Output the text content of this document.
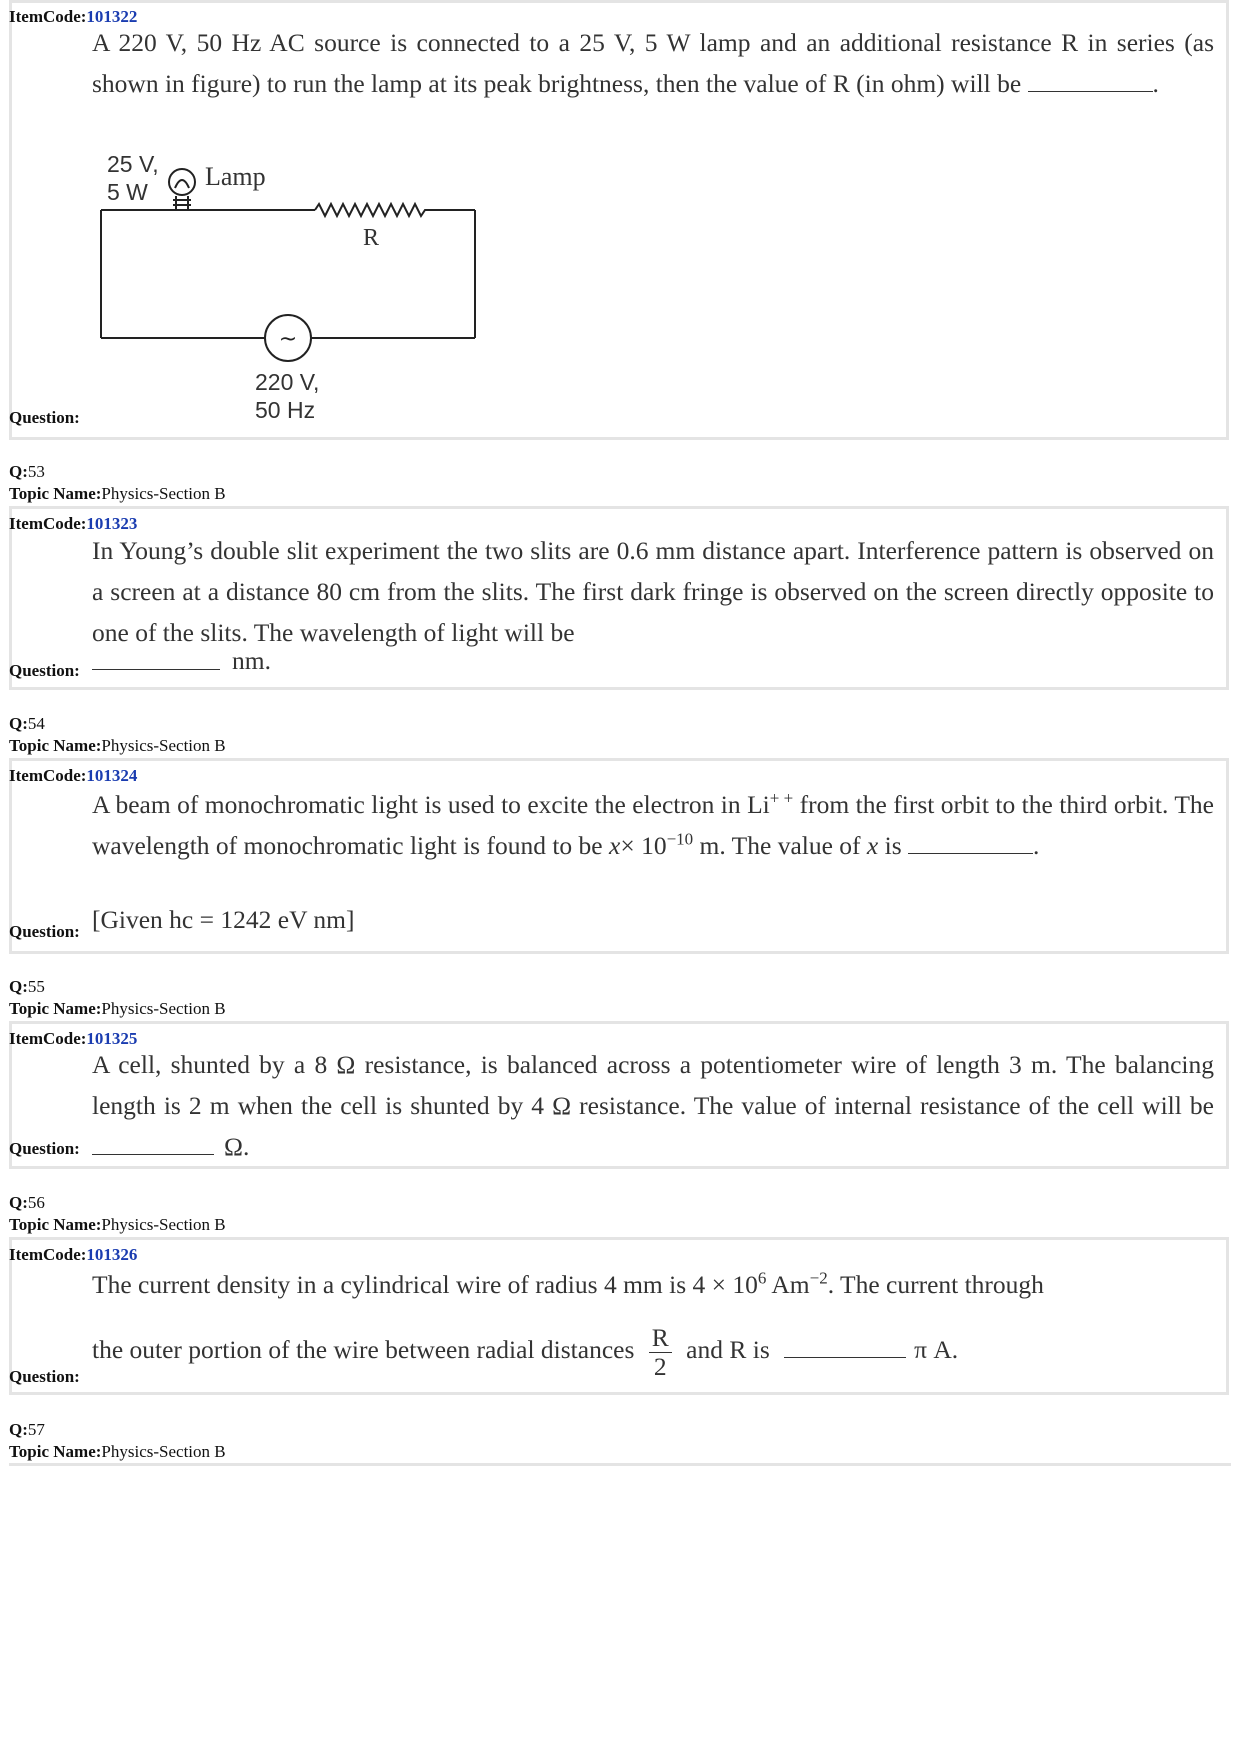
ItemCode:101322
A 220 V, 50 Hz AC source is connected to a 25 V, 5 W lamp and an additional resistance R in series (as shown in figure) to run the lamp at its peak brightness, then the value of R (in ohm) will be	.
~
25 V,
5 W
Lamp
R
220 V,
50 Hz
Question:
Q:53
Topic Name:Physics-Section B
ItemCode:101323
In Young’s double slit experiment the two slits are 0.6 mm distance apart. Interference pattern is observed on a screen at a distance 80 cm from the slits. The first dark fringe is observed on the screen directly opposite to one of the slits. The wavelength of light will be
Question:	nm.
Q:54
Topic Name:Physics-Section B
ItemCode:101324
A beam of monochromatic light is used to excite the electron in Li+ + from the first orbit to the third orbit. The wavelength of monochromatic light is found to be $x\times 10^{-10}$ m. The value of x is	.
[Given hc = 1242 eV nm]
Question:
Q:55
Topic Name:Physics-Section B
ItemCode:101325
A cell, shunted by a 8 Ω resistance, is balanced across a potentiometer wire of length 3 m. The balancing length is 2 m when the cell is shunted by 4 Ω resistance. The value of internal resistance of the cell will be Ω.
Question:
Q:56
Topic Name:Physics-Section B
ItemCode:101326
The current density in a cylindrical wire of radius 4 mm is $4 \times 10^6$ $Am^{-2}$. The current through
the outer portion of the wire between radial distances $\frac{R}{2}$ and R is	π A.
Question:
Q:57
Topic Name:Physics-Section B
